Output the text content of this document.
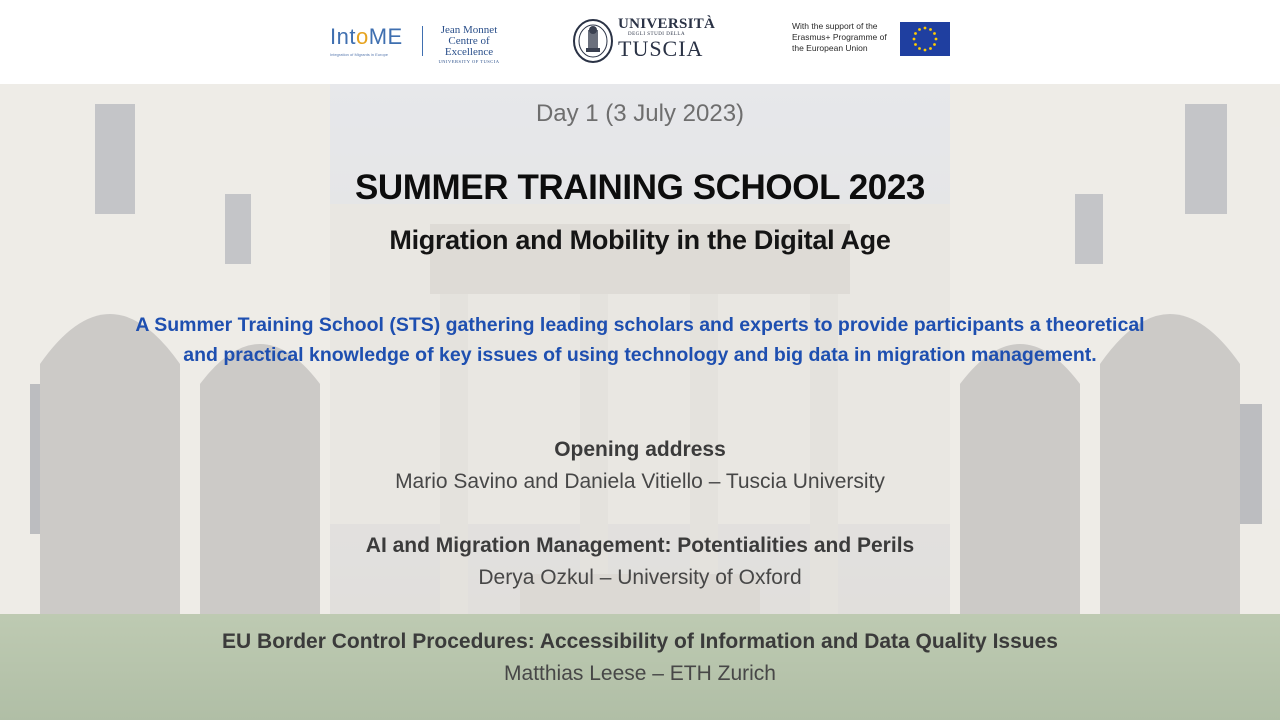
IntoME
Integration of Migrants in Europe
Jean Monnet
Centre of Excellence
UNIVERSITY OF TUSCIA
UNIVERSITÀ
DEGLI STUDI DELLA
TUSCIA
With the support of the Erasmus+ Programme of the European Union
Day 1 (3 July 2023)
SUMMER TRAINING SCHOOL 2023
Migration and Mobility in the Digital Age
A Summer Training School (STS) gathering leading scholars and experts to provide participants a theoretical
and practical knowledge of key issues of using technology and big data in migration management.
Opening address
Mario Savino and Daniela Vitiello – Tuscia University
AI and Migration Management: Potentialities and Perils
Derya Ozkul – University of Oxford
EU Border Control Procedures: Accessibility of Information and Data Quality Issues
Matthias Leese – ETH Zurich
